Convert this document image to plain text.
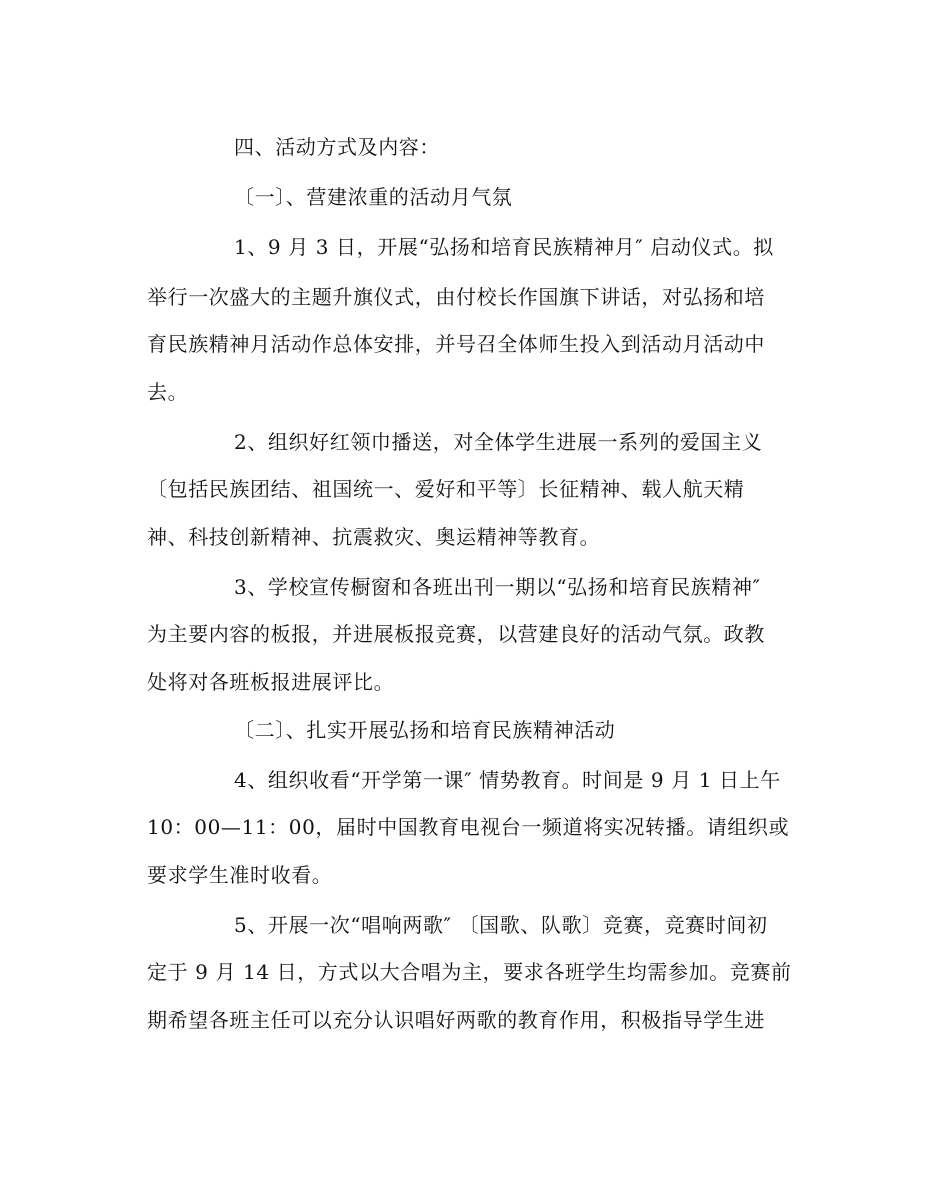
四、活动方式及内容：
〔一〕、营建浓重的活动月气氛
1、9 月 3 日，开展“弘扬和培育民族精神月″ 启动仪式。拟
举行一次盛大的主题升旗仪式，由付校长作国旗下讲话，对弘扬和培
育民族精神月活动作总体安排，并号召全体师生投入到活动月活动中
去。
2、组织好红领巾播送，对全体学生进展一系列的爱国主义
〔包括民族团结、祖国统一、爱好和平等〕长征精神、载人航天精
神、科技创新精神、抗震救灾、奥运精神等教育。
3、学校宣传橱窗和各班出刊一期以“弘扬和培育民族精神″
为主要内容的板报，并进展板报竞赛，以营建良好的活动气氛。政教
处将对各班板报进展评比。
〔二〕、扎实开展弘扬和培育民族精神活动
4、组织收看“开学第一课″ 情势教育。时间是 9 月 1 日上午
10：00—11：00，届时中国教育电视台一频道将实况转播。请组织或
要求学生准时收看。
5、开展一次“唱响两歌″ 〔国歌、队歌〕竞赛，竞赛时间初
定于 9 月 14 日，方式以大合唱为主，要求各班学生均需参加。竞赛前
期希望各班主任可以充分认识唱好两歌的教育作用，积极指导学生进
